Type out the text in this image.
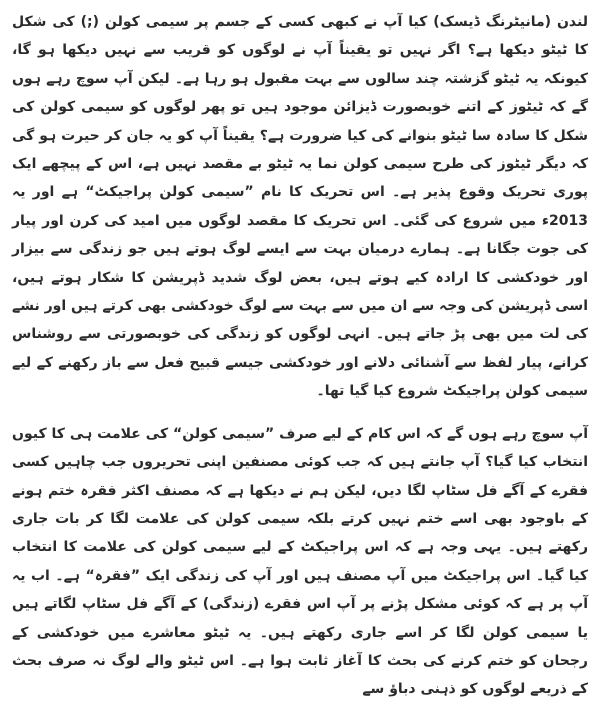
لندن (مانیٹرنگ ڈیسک) کیا آپ نے کبھی کسی کے جسم پر سیمی کولن (;) کی شکل کا ٹیٹو دیکھا ہے؟ اگر نہیں تو یقیناً آپ نے لوگوں کو قریب سے نہیں دیکھا ہو گا، کیونکہ یہ ٹیٹو گزشتہ چند سالوں سے بہت مقبول ہو رہا ہے۔ لیکن آپ سوچ رہے ہوں گے کہ ٹیٹوز کے اتنے خوبصورت ڈیزائن موجود ہیں تو پھر لوگوں کو سیمی کولن کی شکل کا سادہ سا ٹیٹو بنوانے کی کیا ضرورت ہے؟ یقیناً آپ کو یہ جان کر حیرت ہو گی کہ دیگر ٹیٹوز کی طرح سیمی کولن نما یہ ٹیٹو بے مقصد نہیں ہے، اس کے پیچھے ایک پوری تحریک وقوع پذیر ہے۔ اس تحریک کا نام ”سیمی کولن پراجیکٹ“ ہے اور یہ 2013ء میں شروع کی گئی۔ اس تحریک کا مقصد لوگوں میں امید کی کرن اور پیار کی جوت جگانا ہے۔ ہمارے درمیان بہت سے ایسے لوگ ہوتے ہیں جو زندگی سے بیزار اور خودکشی کا ارادہ کیے ہوتے ہیں، بعض لوگ شدید ڈپریشن کا شکار ہوتے ہیں، اسی ڈپریشن کی وجہ سے ان میں سے بہت سے لوگ خودکشی بھی کرتے ہیں اور نشے کی لت میں بھی پڑ جاتے ہیں۔ انہی لوگوں کو زندگی کی خوبصورتی سے روشناس کرانے، پیار لفظ سے آشنائی دلانے اور خودکشی جیسے قبیح فعل سے باز رکھنے کے لیے سیمی کولن پراجیکٹ شروع کیا گیا تھا۔

آپ سوچ رہے ہوں گے کہ اس کام کے لیے صرف ”سیمی کولن“ کی علامت ہی کا کیوں انتخاب کیا گیا؟ آپ جانتے ہیں کہ جب کوئی مصنفین اپنی تحریروں جب چاہیں کسی فقرے کے آگے فل سٹاپ لگا دیں، لیکن ہم نے دیکھا ہے کہ مصنف اکثر فقرہ ختم ہونے کے باوجود بھی اسے ختم نہیں کرتے بلکہ سیمی کولن کی علامت لگا کر بات جاری رکھتے ہیں۔ یہی وجہ ہے کہ اس پراجیکٹ کے لیے سیمی کولن کی علامت کا انتخاب کیا گیا۔ اس پراجیکٹ میں آپ مصنف ہیں اور آپ کی زندگی ایک ”فقرہ“ ہے۔ اب یہ آپ پر ہے کہ کوئی مشکل پڑنے پر آپ اس فقرے (زندگی) کے آگے فل سٹاپ لگاتے ہیں یا سیمی کولن لگا کر اسے جاری رکھتے ہیں۔ یہ ٹیٹو معاشرے میں خودکشی کے رجحان کو ختم کرنے کی بحث کا آغاز ثابت ہوا ہے۔ اس ٹیٹو والے لوگ نہ صرف بحث کے ذریعے لوگوں کو ذہنی دباؤ سے
